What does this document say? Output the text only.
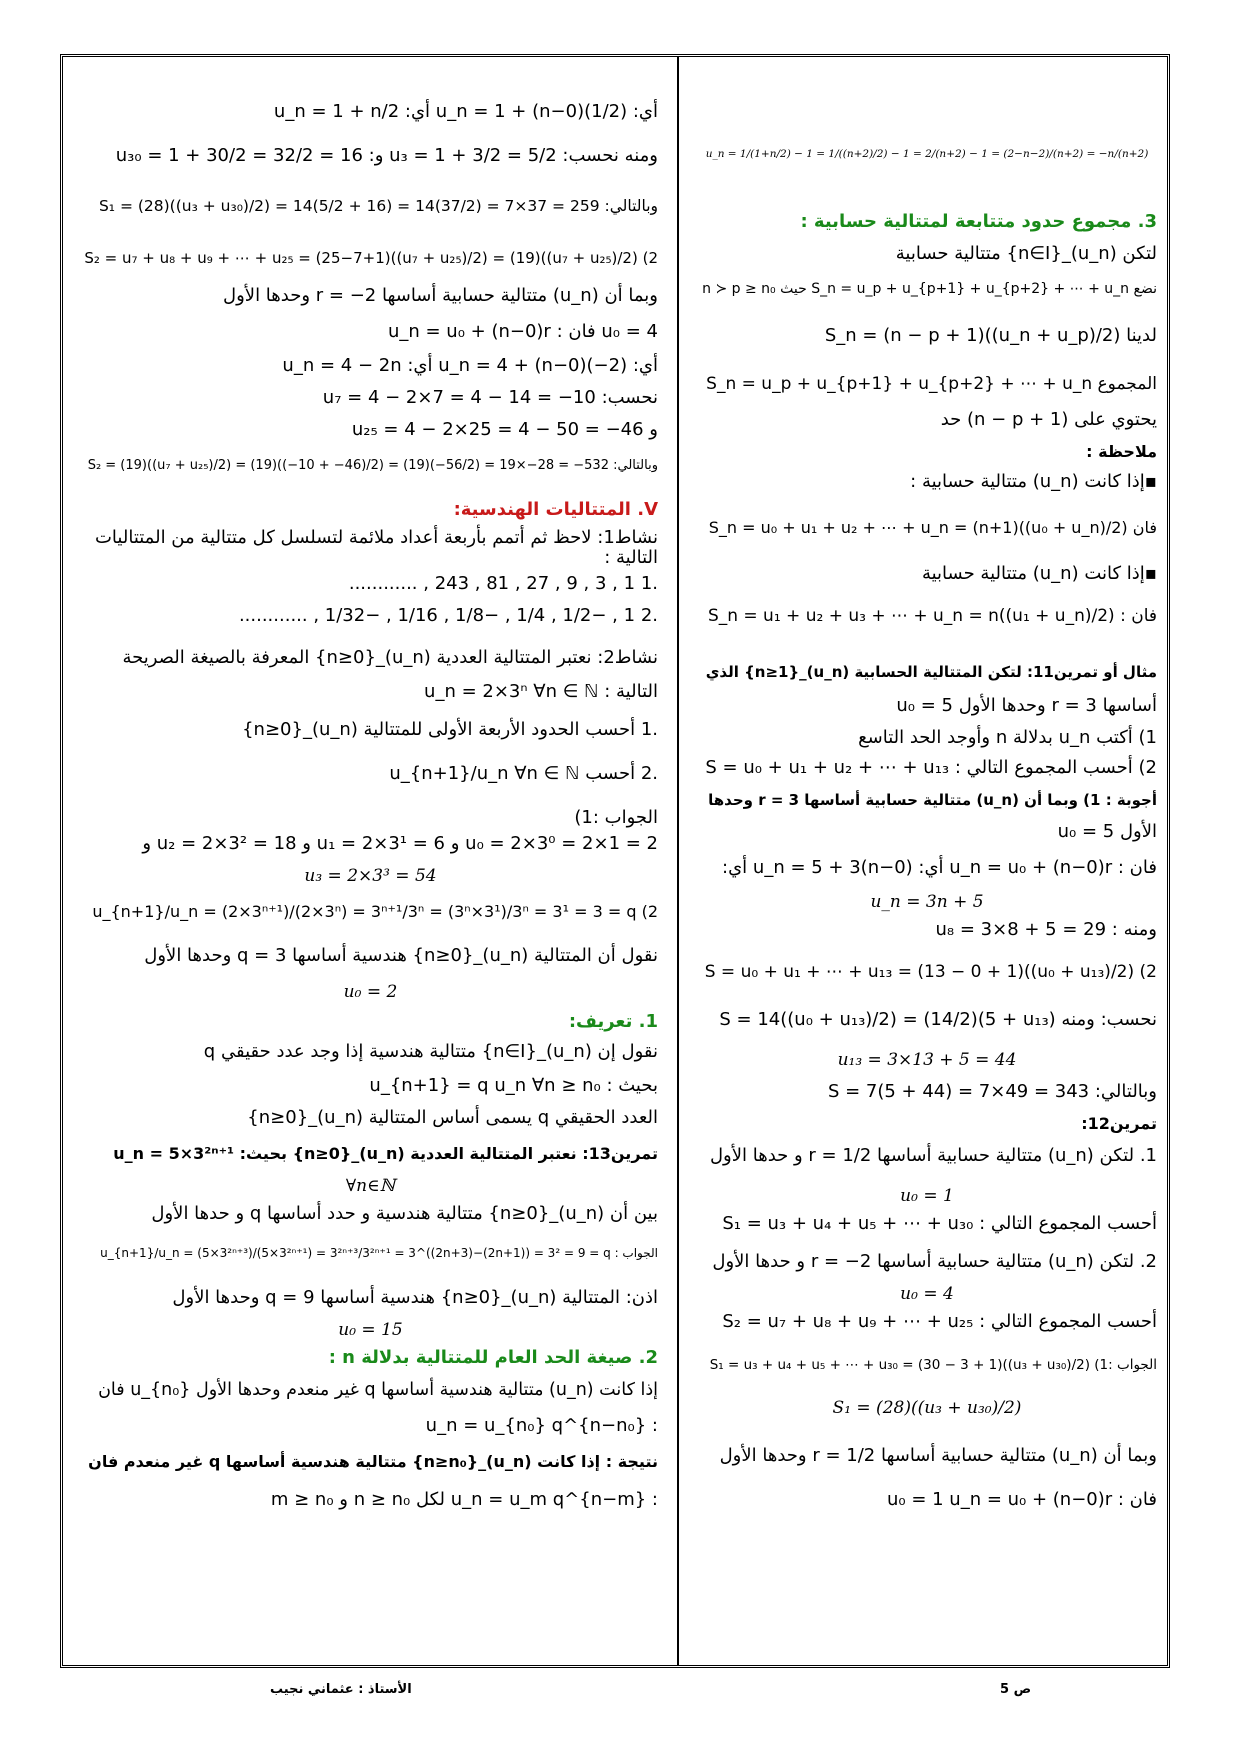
u_n = 1/(1+n/2) − 1 = 1/((n+2)/2) − 1 = 2/(n+2) − 1 = (2−n−2)/(n+2) = −n/(n+2)
3. مجموع حدود متتابعة لمتتالية حسابية :
لتكن (u_n)_{n∈I} متتالية حسابية
نضع S_n = u_p + u_{p+1} + u_{p+2} + ⋯ + u_n حيث n ≻ p ≥ n₀
لدينا S_n = (n − p + 1)((u_n + u_p)/2)
المجموع S_n = u_p + u_{p+1} + u_{p+2} + ⋯ + u_n
يحتوي على (n − p + 1) حد
ملاحظة :
▪إذا كانت (u_n) متتالية حسابية :
فان S_n = u₀ + u₁ + u₂ + ⋯ + u_n = (n+1)((u₀ + u_n)/2)
▪إذا كانت (u_n) متتالية حسابية
فان : S_n = u₁ + u₂ + u₃ + ⋯ + u_n = n((u₁ + u_n)/2)
مثال أو تمرين11: لتكن المتتالية الحسابية (u_n)_{n≥1} الذي
أساسها r = 3 وحدها الأول u₀ = 5
1) أكتب u_n بدلالة n وأوجد الحد التاسع
2) أحسب المجموع التالي : S = u₀ + u₁ + u₂ + ⋯ + u₁₃
أجوبة : 1) وبما أن (u_n) متتالية حسابية أساسها r = 3 وحدها
الأول u₀ = 5
فان : u_n = u₀ + (n−0)r أي: u_n = 5 + 3(n−0) أي:
u_n = 3n + 5
ومنه : u₈ = 3×8 + 5 = 29
2) S = u₀ + u₁ + ⋯ + u₁₃ = (13 − 0 + 1)((u₀ + u₁₃)/2)
نحسب: ومنه S = 14((u₀ + u₁₃)/2) = (14/2)(5 + u₁₃)
u₁₃ = 3×13 + 5 = 44
وبالتالي: S = 7(5 + 44) = 7×49 = 343
تمرين12:
1. لتكن (u_n) متتالية حسابية أساسها r = 1/2 و حدها الأول
u₀ = 1
أحسب المجموع التالي : S₁ = u₃ + u₄ + u₅ + ⋯ + u₃₀
2. لتكن (u_n) متتالية حسابية أساسها r = −2 و حدها الأول
u₀ = 4
أحسب المجموع التالي : S₂ = u₇ + u₈ + u₉ + ⋯ + u₂₅
الجواب :1) S₁ = u₃ + u₄ + u₅ + ⋯ + u₃₀ = (30 − 3 + 1)((u₃ + u₃₀)/2)
S₁ = (28)((u₃ + u₃₀)/2)
وبما أن (u_n) متتالية حسابية أساسها r = 1/2 وحدها الأول
فان : u₀ = 1 u_n = u₀ + (n−0)r
أي: u_n = 1 + (n−0)(1/2) أي: u_n = 1 + n/2
ومنه نحسب: u₃ = 1 + 3/2 = 5/2 و: u₃₀ = 1 + 30/2 = 32/2 = 16
وبالتالي: S₁ = (28)((u₃ + u₃₀)/2) = 14(5/2 + 16) = 14(37/2) = 7×37 = 259
2) S₂ = u₇ + u₈ + u₉ + ⋯ + u₂₅ = (25−7+1)((u₇ + u₂₅)/2) = (19)((u₇ + u₂₅)/2)
وبما أن (u_n) متتالية حسابية أساسها r = −2 وحدها الأول
u₀ = 4 فان : u_n = u₀ + (n−0)r
أي: u_n = 4 + (n−0)(−2) أي: u_n = 4 − 2n
نحسب: u₇ = 4 − 2×7 = 4 − 14 = −10
و u₂₅ = 4 − 2×25 = 4 − 50 = −46
وبالتالي: S₂ = (19)((u₇ + u₂₅)/2) = (19)((−10 + −46)/2) = (19)(−56/2) = 19×−28 = −532
V. المتتاليات الهندسية:
نشاط1: لاحظ ثم أتمم بأربعة أعداد ملائمة لتسلسل كل متتالية من المتتاليات
التالية :
.1 1 , 3 , 9 , 27 , 81 , 243 , ............
.2 1 , −1/2 , 1/4 , −1/8 , 1/16 , −1/32 , ............
نشاط2: نعتبر المتتالية العددية (u_n)_{n≥0} المعرفة بالصيغة الصريحة
التالية : u_n = 2×3ⁿ ∀n ∈ ℕ
.1 أحسب الحدود الأربعة الأولى للمتتالية (u_n)_{n≥0}
.2 أحسب u_{n+1}/u_n ∀n ∈ ℕ
الجواب :1)
u₀ = 2×3⁰ = 2×1 = 2 و u₁ = 2×3¹ = 6 و u₂ = 2×3² = 18 و
u₃ = 2×3³ = 54
2) u_{n+1}/u_n = (2×3ⁿ⁺¹)/(2×3ⁿ) = 3ⁿ⁺¹/3ⁿ = (3ⁿ×3¹)/3ⁿ = 3¹ = 3 = q
نقول أن المتتالية (u_n)_{n≥0} هندسية أساسها q = 3 وحدها الأول
u₀ = 2
1. تعريف:
نقول إن (u_n)_{n∈I} متتالية هندسية إذا وجد عدد حقيقي q
بحيث : u_{n+1} = q u_n ∀n ≥ n₀
العدد الحقيقي q يسمى أساس المتتالية (u_n)_{n≥0}
تمرين13: نعتبر المتتالية العددية (u_n)_{n≥0} بحيث: u_n = 5×3²ⁿ⁺¹
∀n∈ℕ
بين أن (u_n)_{n≥0} متتالية هندسية و حدد أساسها q و حدها الأول
الجواب : u_{n+1}/u_n = (5×3²ⁿ⁺³)/(5×3²ⁿ⁺¹) = 3²ⁿ⁺³/3²ⁿ⁺¹ = 3^((2n+3)−(2n+1)) = 3² = 9 = q
اذن: المتتالية (u_n)_{n≥0} هندسية أساسها q = 9 وحدها الأول
u₀ = 15
2. صيغة الحد العام للمتتالية بدلالة n :
إذا كانت (u_n) متتالية هندسية أساسها q غير منعدم وحدها الأول u_{n₀} فان
: u_n = u_{n₀} q^{n−n₀}
نتيجة : إذا كانت (u_n)_{n≥n₀} متتالية هندسية أساسها q غير منعدم فان
: u_n = u_m q^{n−m} لكل n ≥ n₀ و m ≥ n₀
ص 5
الأستاذ : عثماني نجيب
